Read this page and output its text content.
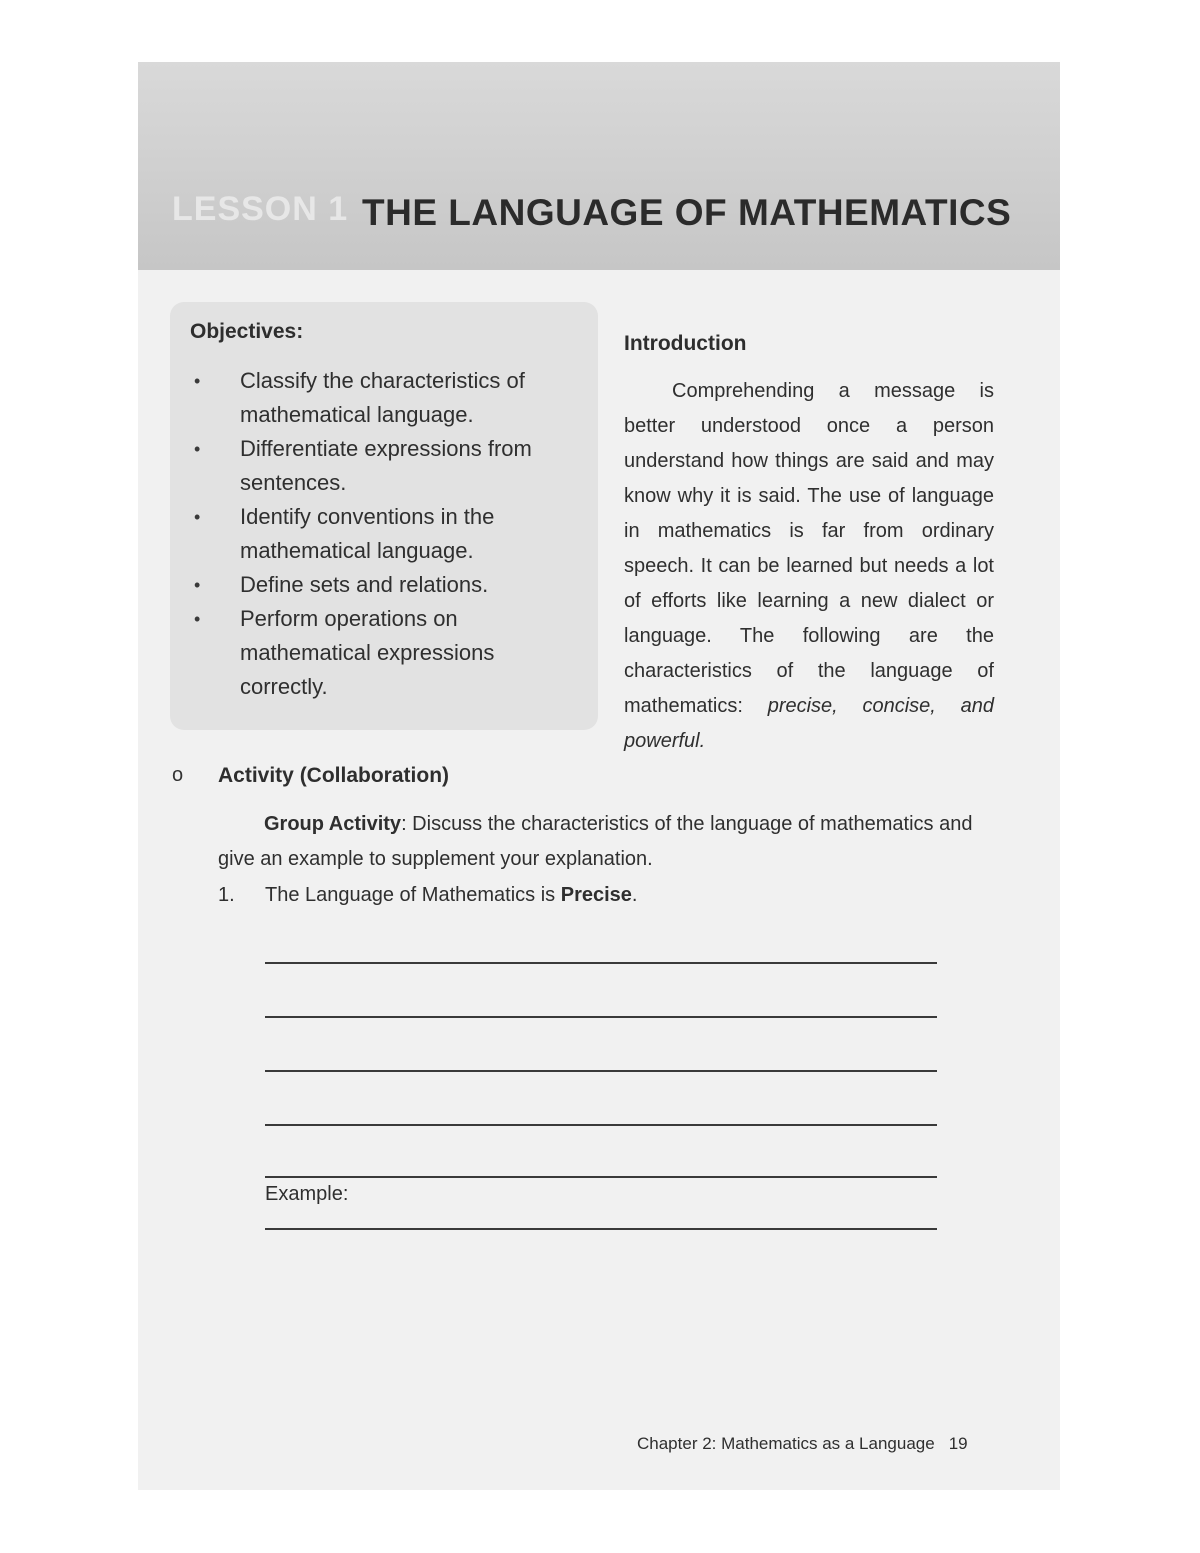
LESSON 1 THE LANGUAGE OF MATHEMATICS
Objectives:
• Classify the characteristics of mathematical language.
• Differentiate expressions from sentences.
• Identify conventions in the mathematical language.
• Define sets and relations.
• Perform operations on mathematical expressions correctly.
Introduction

Comprehending a message is better understood once a person understand how things are said and may know why it is said. The use of language in mathematics is far from ordinary speech. It can be learned but needs a lot of efforts like learning a new dialect or language. The following are the characteristics of the language of mathematics: precise, concise, and powerful.

o Activity (Collaboration)

Group Activity: Discuss the characteristics of the language of mathematics and give an example to supplement your explanation.

1. The Language of Mathematics is Precise.
Example:
Chapter 2: Mathematics as a Language 19
